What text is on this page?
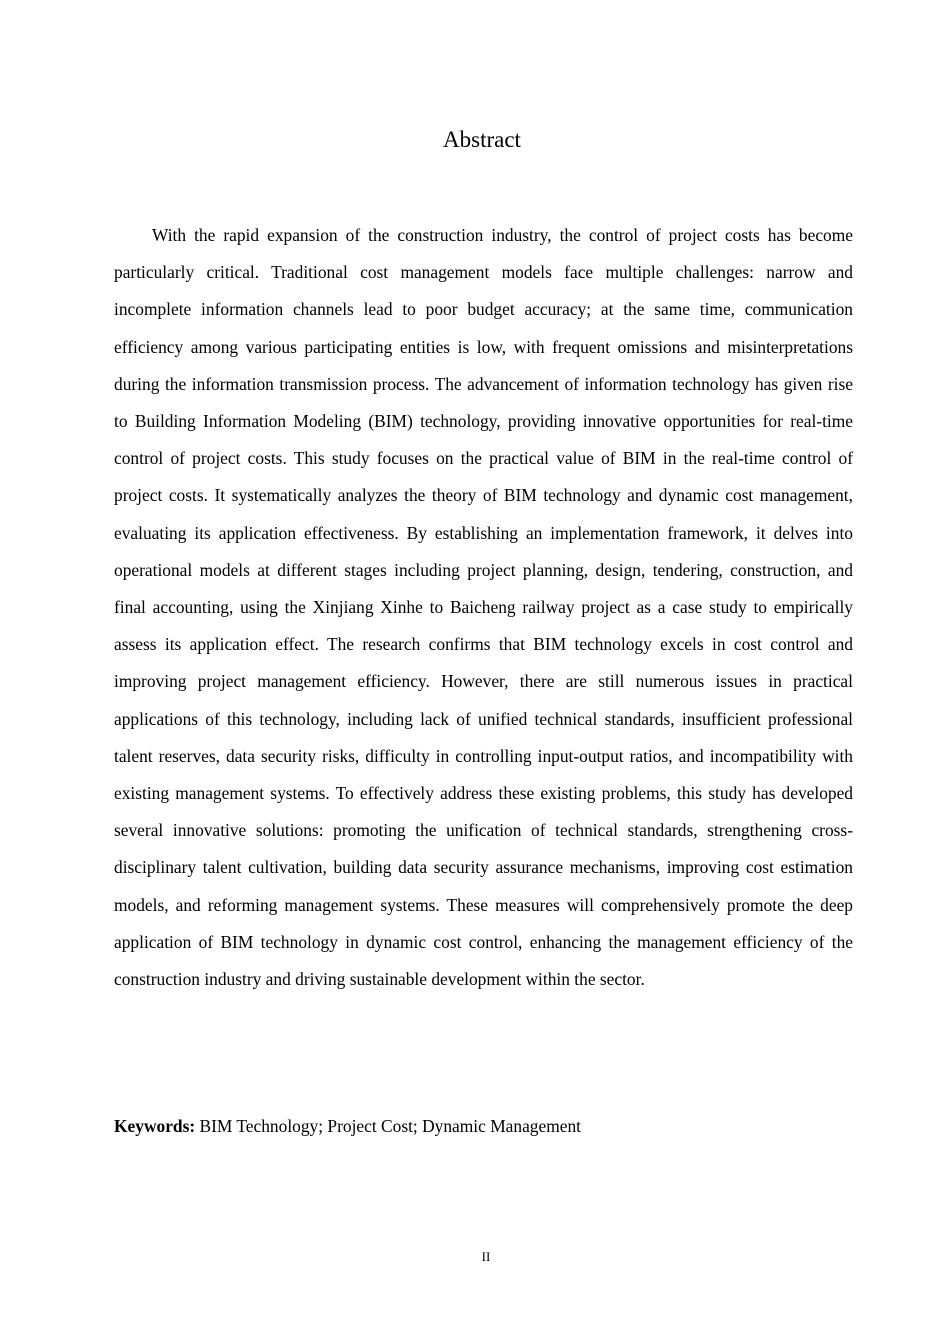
Abstract

With the rapid expansion of the construction industry, the control of project costs has become particularly critical. Traditional cost management models face multiple challenges: narrow and incomplete information channels lead to poor budget accuracy; at the same time, communication efficiency among various participating entities is low, with frequent omissions and misinterpretations during the information transmission process. The advancement of information technology has given rise to Building Information Modeling (BIM) technology, providing innovative opportunities for real-time control of project costs. This study focuses on the practical value of BIM in the real-time control of project costs. It systematically analyzes the theory of BIM technology and dynamic cost management, evaluating its application effectiveness. By establishing an implementation framework, it delves into operational models at different stages including project planning, design, tendering, construction, and final accounting, using the Xinjiang Xinhe to Baicheng railway project as a case study to empirically assess its application effect. The research confirms that BIM technology excels in cost control and improving project management efficiency. However, there are still numerous issues in practical applications of this technology, including lack of unified technical standards, insufficient professional talent reserves, data security risks, difficulty in controlling input-output ratios, and incompatibility with existing management systems. To effectively address these existing problems, this study has developed several innovative solutions: promoting the unification of technical standards, strengthening cross-disciplinary talent cultivation, building data security assurance mechanisms, improving cost estimation models, and reforming management systems. These measures will comprehensively promote the deep application of BIM technology in dynamic cost control, enhancing the management efficiency of the construction industry and driving sustainable development within the sector.

Keywords: BIM Technology; Project Cost; Dynamic Management

II
